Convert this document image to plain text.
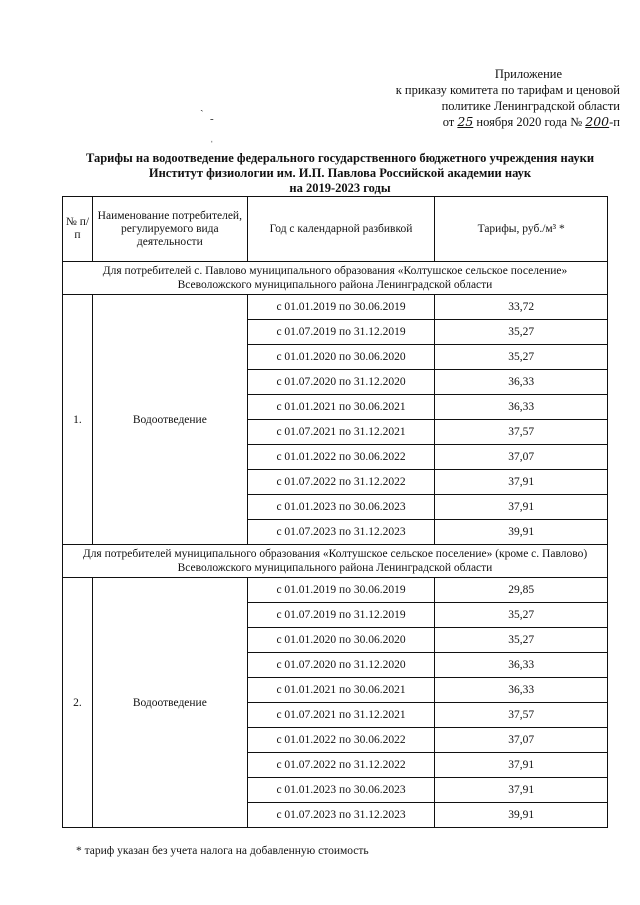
Приложение
к приказу комитета по тарифам и ценовой
политике Ленинградской области
от 25 ноября 2020 года № 200-п
ˎ
-
ˌ
Тарифы на водоотведение федерального государственного бюджетного учреждения науки
Институт физиологии им. И.П. Павлова Российской академии наук
на 2019-2023 годы
№ п/п	Наименование потребителей, регулируемого вида деятельности	Год с календарной разбивкой	Тарифы, руб./м³ *

Для потребителей с. Павлово муниципального образования «Колтушское сельское поселение»
Всеволожского муниципального района Ленинградской области			

1.	Водоотведение	с 01.01.2019 по 30.06.2019	33,72
		с 01.07.2019 по 31.12.2019	35,27
		с 01.01.2020 по 30.06.2020	35,27
		с 01.07.2020 по 31.12.2020	36,33
		с 01.01.2021 по 30.06.2021	36,33
		с 01.07.2021 по 31.12.2021	37,57
		с 01.01.2022 по 30.06.2022	37,07
		с 01.07.2022 по 31.12.2022	37,91
		с 01.01.2023 по 30.06.2023	37,91
		с 01.07.2023 по 31.12.2023	39,91

Для потребителей муниципального образования «Колтушское сельское поселение» (кроме с. Павлово)
Всеволожского муниципального района Ленинградской области			

2.	Водоотведение	с 01.01.2019 по 30.06.2019	29,85
		с 01.07.2019 по 31.12.2019	35,27
		с 01.01.2020 по 30.06.2020	35,27
		с 01.07.2020 по 31.12.2020	36,33
		с 01.01.2021 по 30.06.2021	36,33
		с 01.07.2021 по 31.12.2021	37,57
		с 01.01.2022 по 30.06.2022	37,07
		с 01.07.2022 по 31.12.2022	37,91
		с 01.01.2023 по 30.06.2023	37,91
		с 01.07.2023 по 31.12.2023	39,91
* тариф указан без учета налога на добавленную стоимость
